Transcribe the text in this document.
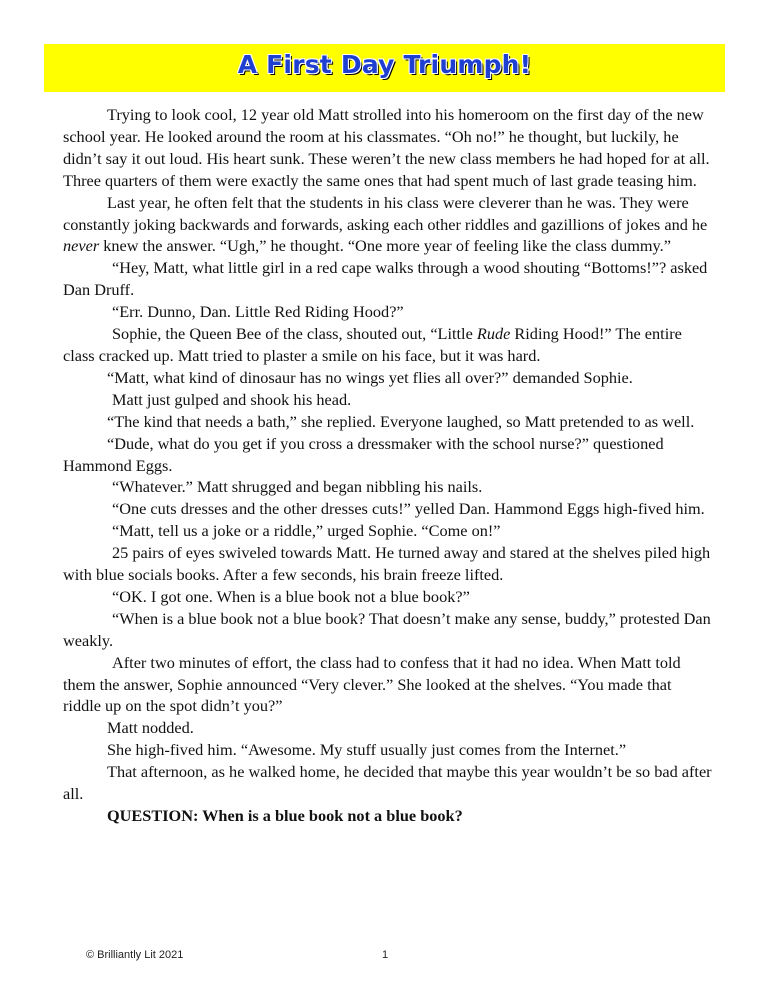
A First Day Triumph!

Trying to look cool, 12 year old Matt strolled into his homeroom on the first day of the new school year. He looked around the room at his classmates. “Oh no!” he thought, but luckily, he didn’t say it out loud. His heart sunk. These weren’t the new class members he had hoped for at all. Three quarters of them were exactly the same ones that had spent much of last grade teasing him.

Last year, he often felt that the students in his class were cleverer than he was. They were constantly joking backwards and forwards, asking each other riddles and gazillions of jokes and he never knew the answer. “Ugh,” he thought. “One more year of feeling like the class dummy.”

“Hey, Matt, what little girl in a red cape walks through a wood shouting “Bottoms!”? asked Dan Druff.

“Err. Dunno, Dan. Little Red Riding Hood?”

Sophie, the Queen Bee of the class, shouted out, “Little Rude Riding Hood!” The entire class cracked up. Matt tried to plaster a smile on his face, but it was hard.

“Matt, what kind of dinosaur has no wings yet flies all over?” demanded Sophie.

Matt just gulped and shook his head.

“The kind that needs a bath,” she replied. Everyone laughed, so Matt pretended to as well.

“Dude, what do you get if you cross a dressmaker with the school nurse?” questioned Hammond Eggs.

“Whatever.” Matt shrugged and began nibbling his nails.

“One cuts dresses and the other dresses cuts!” yelled Dan. Hammond Eggs high-fived him.

“Matt, tell us a joke or a riddle,” urged Sophie. “Come on!”

25 pairs of eyes swiveled towards Matt. He turned away and stared at the shelves piled high with blue socials books. After a few seconds, his brain freeze lifted.

“OK. I got one. When is a blue book not a blue book?”

“When is a blue book not a blue book? That doesn’t make any sense, buddy,” protested Dan weakly.

After two minutes of effort, the class had to confess that it had no idea. When Matt told them the answer, Sophie announced “Very clever.” She looked at the shelves. “You made that riddle up on the spot didn’t you?”

Matt nodded.

She high-fived him. “Awesome. My stuff usually just comes from the Internet.”

That afternoon, as he walked home, he decided that maybe this year wouldn’t be so bad after all.

QUESTION: When is a blue book not a blue book?

© Brilliantly Lit 2021	1
